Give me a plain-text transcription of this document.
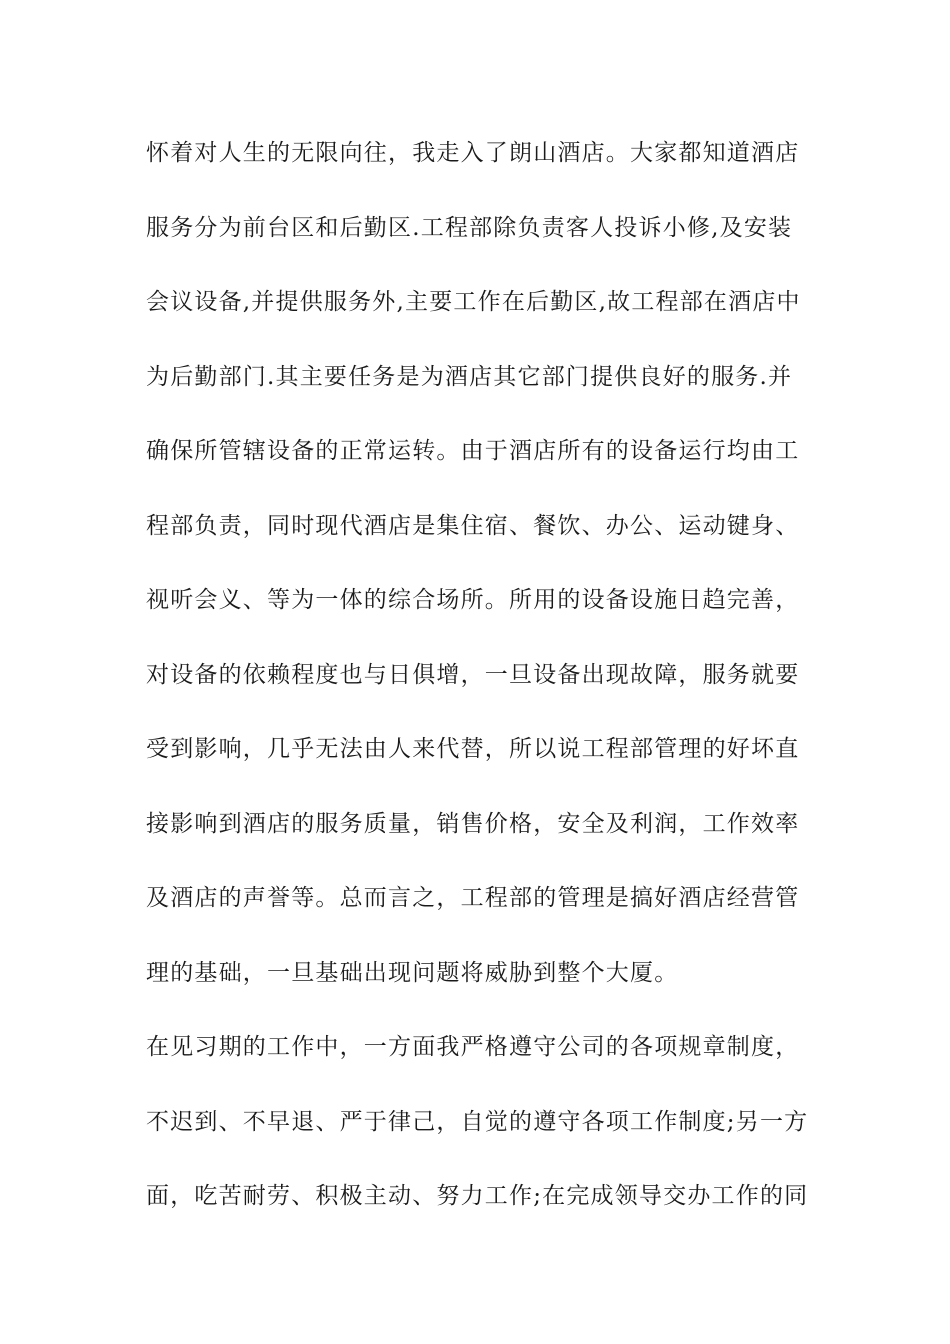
怀着对人生的无限向往，我走入了朗山酒店。大家都知道酒店
服务分为前台区和后勤区.工程部除负责客人投诉小修,及安装
会议设备,并提供服务外,主要工作在后勤区,故工程部在酒店中
为后勤部门.其主要任务是为酒店其它部门提供良好的服务.并
确保所管辖设备的正常运转。由于酒店所有的设备运行均由工
程部负责，同时现代酒店是集住宿、餐饮、办公、运动键身、
视听会义、等为一体的综合场所。所用的设备设施日趋完善，
对设备的依赖程度也与日俱增，一旦设备出现故障，服务就要
受到影响，几乎无法由人来代替，所以说工程部管理的好坏直
接影响到酒店的服务质量，销售价格，安全及利润，工作效率
及酒店的声誉等。总而言之，工程部的管理是搞好酒店经营管
理的基础，一旦基础出现问题将威胁到整个大厦。
在见习期的工作中，一方面我严格遵守公司的各项规章制度，
不迟到、不早退、严于律己，自觉的遵守各项工作制度;另一方
面，吃苦耐劳、积极主动、努力工作;在完成领导交办工作的同
